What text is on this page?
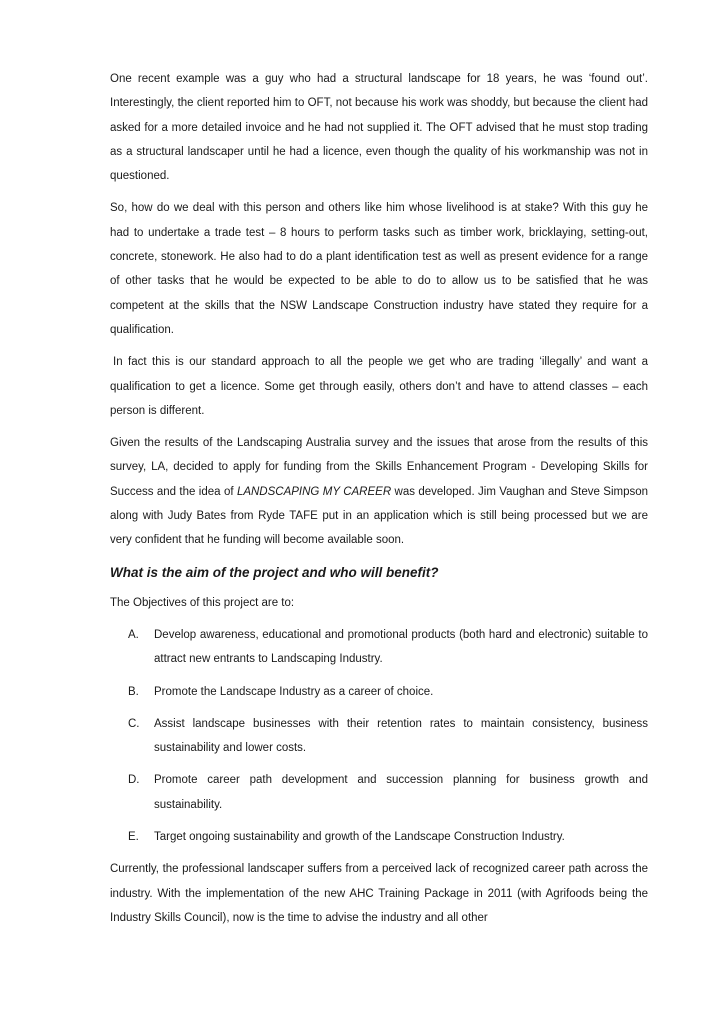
One recent example was a guy who had a structural landscape for 18 years, he was ‘found out’. Interestingly, the client reported him to OFT, not because his work was shoddy, but because the client had asked for a more detailed invoice and he had not supplied it. The OFT advised that he must stop trading as a structural landscaper until he had a licence, even though the quality of his workmanship was not in questioned.

So, how do we deal with this person and others like him whose livelihood is at stake? With this guy he had to undertake a trade test – 8 hours to perform tasks such as timber work, bricklaying, setting-out, concrete, stonework. He also had to do a plant identification test as well as present evidence for a range of other tasks that he would be expected to be able to do to allow us to be satisfied that he was competent at the skills that the NSW Landscape Construction industry have stated they require for a qualification.

In fact this is our standard approach to all the people we get who are trading ‘illegally’ and want a qualification to get a licence. Some get through easily, others don’t and have to attend classes – each person is different.

Given the results of the Landscaping Australia survey and the issues that arose from the results of this survey, LA, decided to apply for funding from the Skills Enhancement Program - Developing Skills for Success and the idea of LANDSCAPING MY CAREER was developed. Jim Vaughan and Steve Simpson along with Judy Bates from Ryde TAFE put in an application which is still being processed but we are very confident that he funding will become available soon.

What is the aim of the project and who will benefit?

The Objectives of this project are to:

A. Develop awareness, educational and promotional products (both hard and electronic) suitable to attract new entrants to Landscaping Industry.
B. Promote the Landscape Industry as a career of choice.
C. Assist landscape businesses with their retention rates to maintain consistency, business sustainability and lower costs.
D. Promote career path development and succession planning for business growth and sustainability.
E. Target ongoing sustainability and growth of the Landscape Construction Industry.

Currently, the professional landscaper suffers from a perceived lack of recognized career path across the industry. With the implementation of the new AHC Training Package in 2011 (with Agrifoods being the Industry Skills Council), now is the time to advise the industry and all other
